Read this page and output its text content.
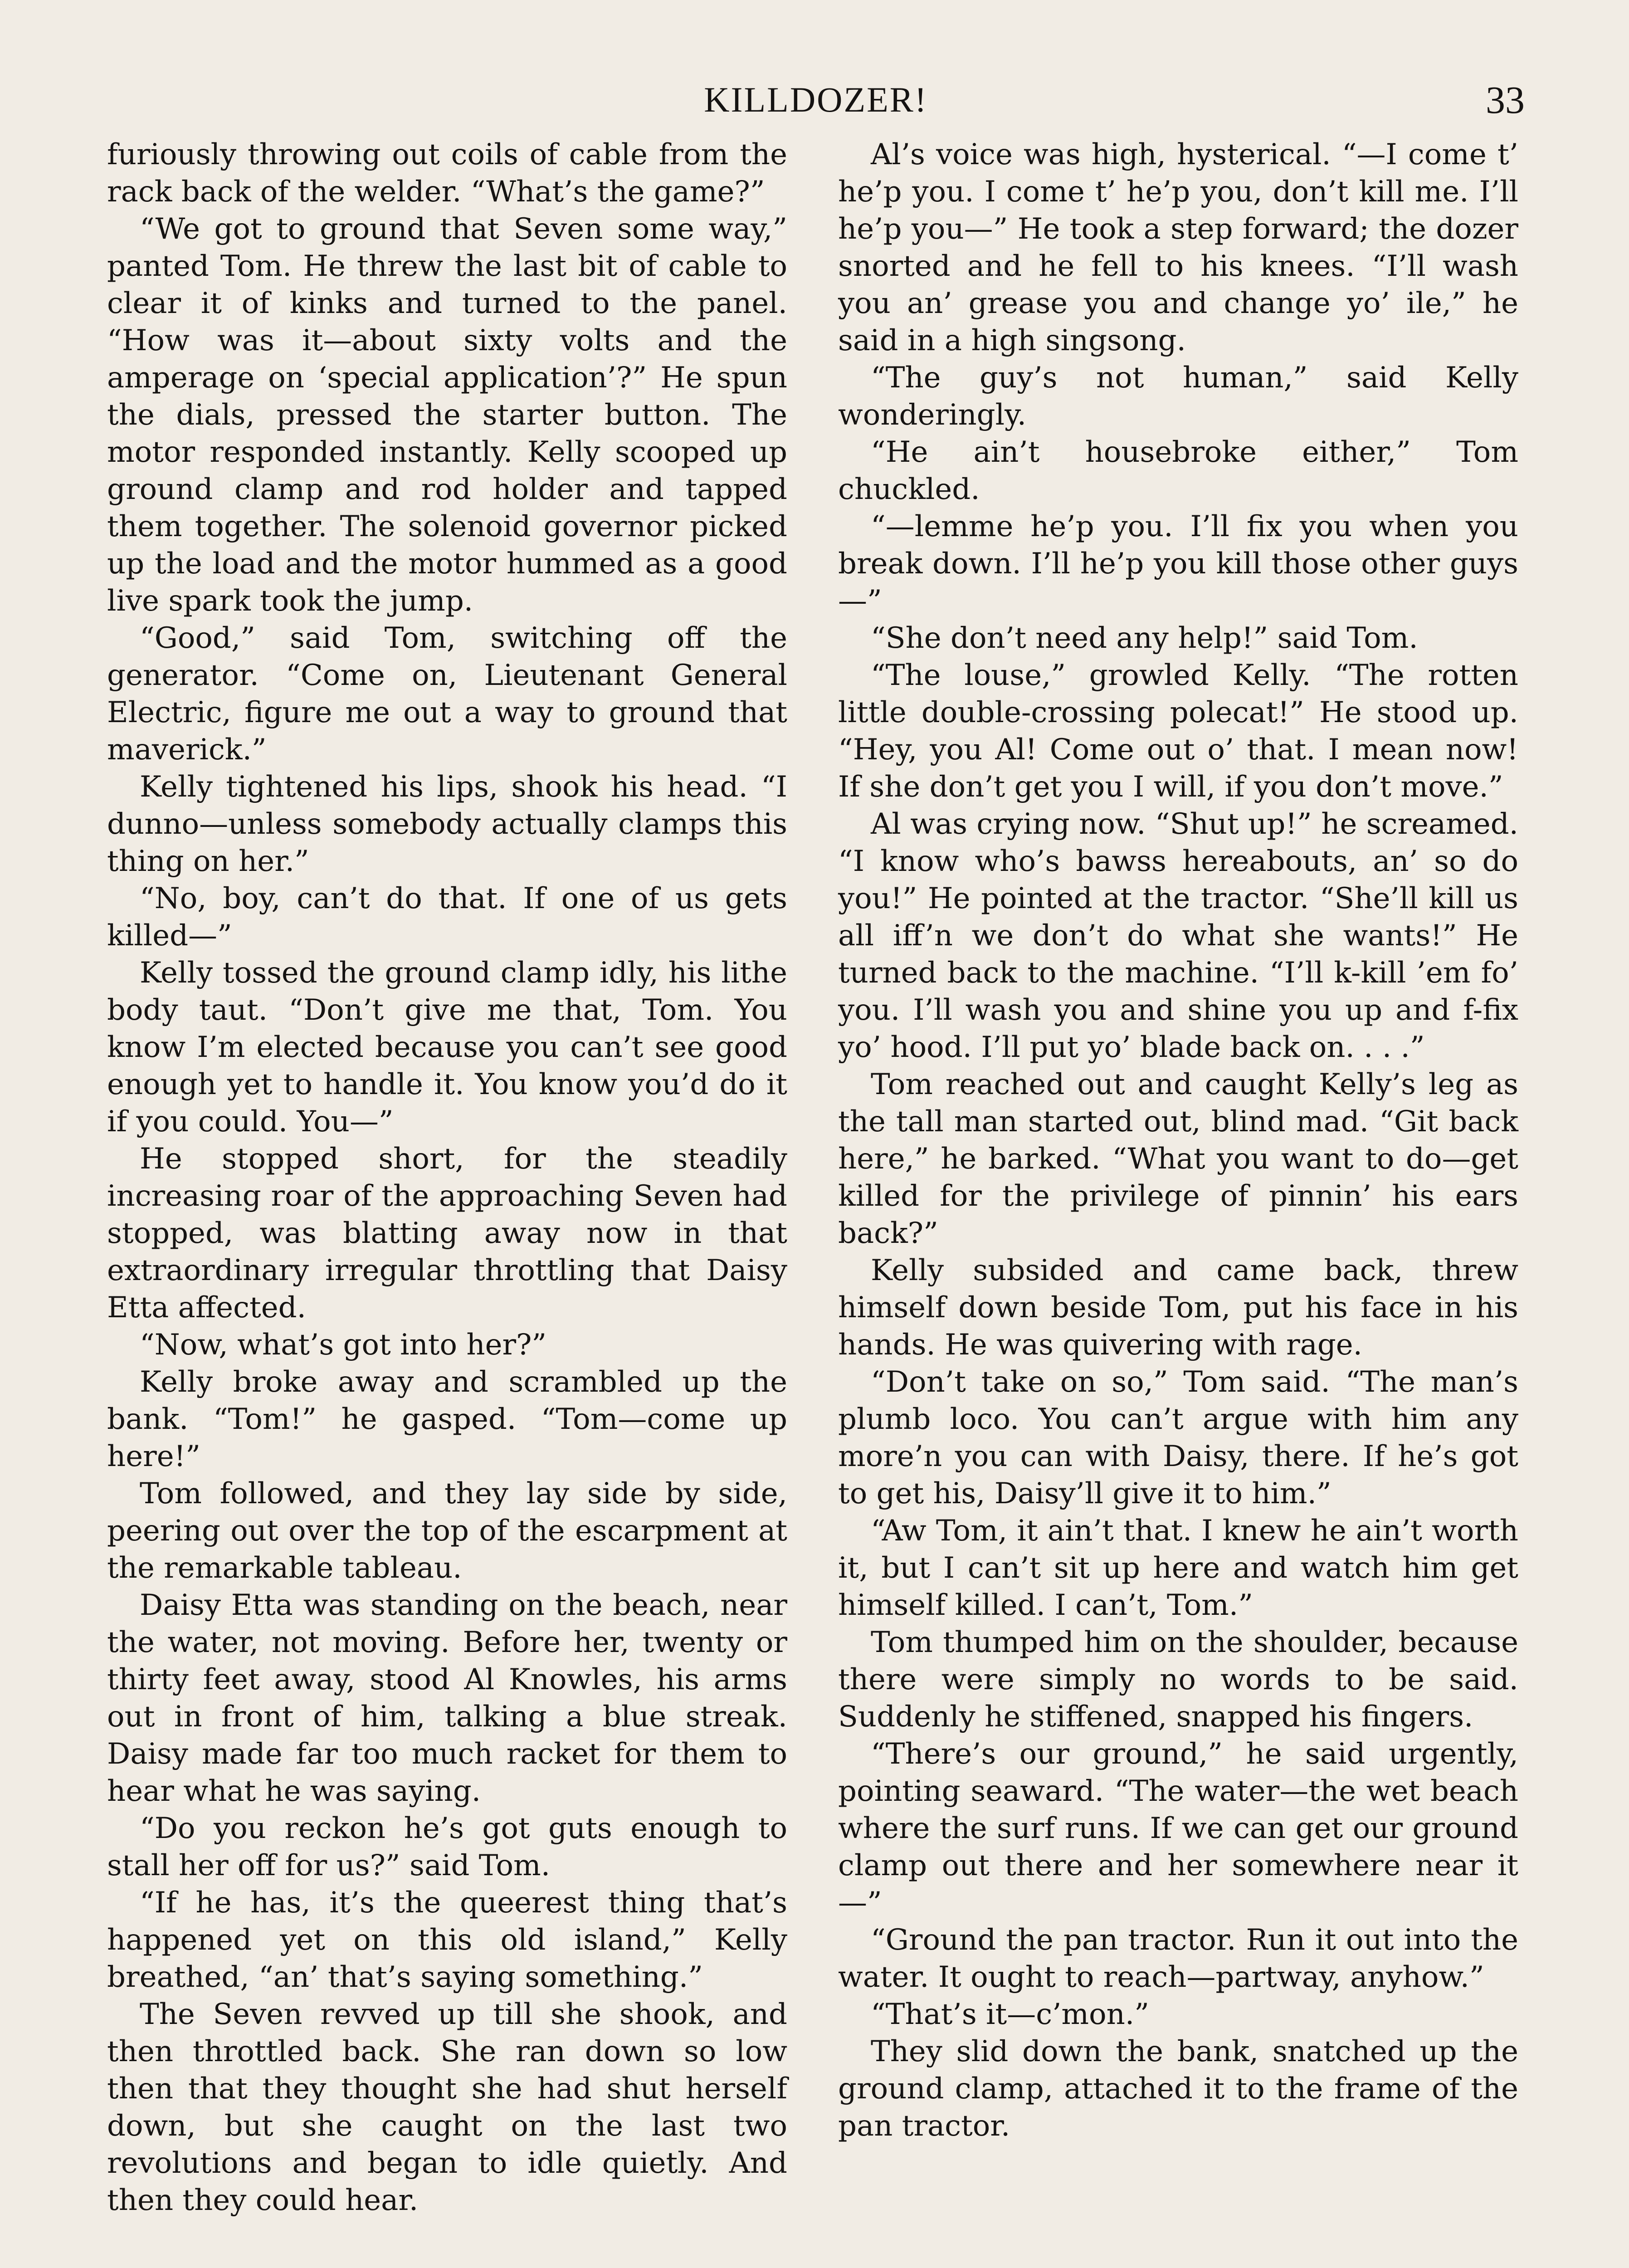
KILLDOZER!	33

furiously throwing out coils of cable from the rack back of the welder. “What’s the game?”

“We got to ground that Seven some way,” panted Tom. He threw the last bit of cable to clear it of kinks and turned to the panel. “How was it—about sixty volts and the amperage on ‘special application’?” He spun the dials, pressed the starter button. The motor responded instantly. Kelly scooped up ground clamp and rod holder and tapped them together. The solenoid governor picked up the load and the motor hummed as a good live spark took the jump.

“Good,” said Tom, switching off the generator. “Come on, Lieutenant General Electric, figure me out a way to ground that maverick.”

Kelly tightened his lips, shook his head. “I dunno—unless somebody actually clamps this thing on her.”

“No, boy, can’t do that. If one of us gets killed—”

Kelly tossed the ground clamp idly, his lithe body taut. “Don’t give me that, Tom. You know I’m elected because you can’t see good enough yet to handle it. You know you’d do it if you could. You—”

He stopped short, for the steadily increasing roar of the approaching Seven had stopped, was blatting away now in that extraordinary irregular throttling that Daisy Etta affected.

“Now, what’s got into her?”

Kelly broke away and scrambled up the bank. “Tom!” he gasped. “Tom—come up here!”

Tom followed, and they lay side by side, peering out over the top of the escarpment at the remarkable tableau.

Daisy Etta was standing on the beach, near the water, not moving. Before her, twenty or thirty feet away, stood Al Knowles, his arms out in front of him, talking a blue streak. Daisy made far too much racket for them to hear what he was saying.

“Do you reckon he’s got guts enough to stall her off for us?” said Tom.

“If he has, it’s the queerest thing that’s happened yet on this old island,” Kelly breathed, “an’ that’s saying something.”

The Seven revved up till she shook, and then throttled back. She ran down so low then that they thought she had shut herself down, but she caught on the last two revolutions and began to idle quietly. And then they could hear.

Al’s voice was high, hysterical. “—I come t’ he’p you. I come t’ he’p you, don’t kill me. I’ll he’p you—” He took a step forward; the dozer snorted and he fell to his knees. “I’ll wash you an’ grease you and change yo’ ile,” he said in a high singsong.

“The guy’s not human,” said Kelly wonderingly.

“He ain’t housebroke either,” Tom chuckled.

“—lemme he’p you. I’ll fix you when you break down. I’ll he’p you kill those other guys—”

“She don’t need any help!” said Tom.

“The louse,” growled Kelly. “The rotten little double-crossing polecat!” He stood up. “Hey, you Al! Come out o’ that. I mean now! If she don’t get you I will, if you don’t move.”

Al was crying now. “Shut up!” he screamed. “I know who’s bawss hereabouts, an’ so do you!” He pointed at the tractor. “She’ll kill us all iff’n we don’t do what she wants!” He turned back to the machine. “I’ll k-kill ’em fo’ you. I’ll wash you and shine you up and f-fix yo’ hood. I’ll put yo’ blade back on. . . .”

Tom reached out and caught Kelly’s leg as the tall man started out, blind mad. “Git back here,” he barked. “What you want to do—get killed for the privilege of pinnin’ his ears back?”

Kelly subsided and came back, threw himself down beside Tom, put his face in his hands. He was quivering with rage.

“Don’t take on so,” Tom said. “The man’s plumb loco. You can’t argue with him any more’n you can with Daisy, there. If he’s got to get his, Daisy’ll give it to him.”

“Aw Tom, it ain’t that. I knew he ain’t worth it, but I can’t sit up here and watch him get himself killed. I can’t, Tom.”

Tom thumped him on the shoulder, because there were simply no words to be said. Suddenly he stiffened, snapped his fingers.

“There’s our ground,” he said urgently, pointing seaward. “The water—the wet beach where the surf runs. If we can get our ground clamp out there and her somewhere near it—”

“Ground the pan tractor. Run it out into the water. It ought to reach—partway, anyhow.”

“That’s it—c’mon.”

They slid down the bank, snatched up the ground clamp, attached it to the frame of the pan tractor.
